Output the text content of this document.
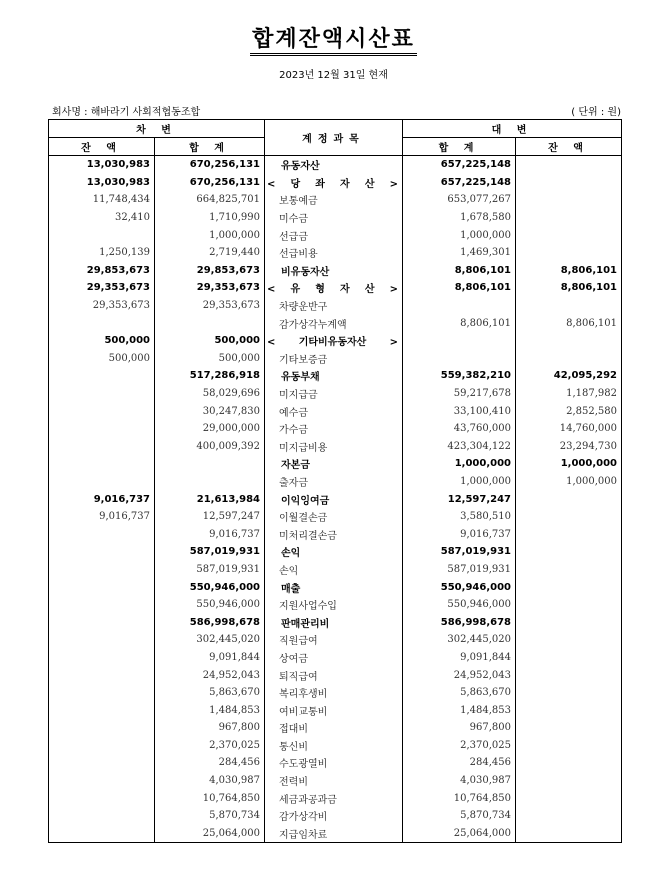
합계잔액시산표
2023년 12월 31일 현재
회사명 : 해바라기 사회적협동조합	( 단위 : 원)
차 변		계정과목	대 변	
잔 액	합 계		합 계	잔 액
13,030,983	670,256,131	유동자산	657,225,148	
13,030,983	670,256,131	< 당 좌 자 산 >	657,225,148	
11,748,434	664,825,701	보통예금	653,077,267	
32,410	1,710,990	미수금	1,678,580	
	1,000,000	선급금	1,000,000	
1,250,139	2,719,440	선급비용	1,469,301	
29,853,673	29,853,673	비유동자산	8,806,101	8,806,101
29,353,673	29,353,673	< 유 형 자 산 >	8,806,101	8,806,101
29,353,673	29,353,673	차량운반구		
		감가상각누계액	8,806,101	8,806,101
500,000	500,000	< 기타비유동자산 >		
500,000	500,000	기타보증금		
	517,286,918	유동부채	559,382,210	42,095,292
	58,029,696	미지급금	59,217,678	1,187,982
	30,247,830	예수금	33,100,410	2,852,580
	29,000,000	가수금	43,760,000	14,760,000
	400,009,392	미지급비용	423,304,122	23,294,730
		자본금	1,000,000	1,000,000
		출자금	1,000,000	1,000,000
9,016,737	21,613,984	이익잉여금	12,597,247	
9,016,737	12,597,247	이월결손금	3,580,510	
	9,016,737	미처리결손금	9,016,737	
	587,019,931	손익	587,019,931	
	587,019,931	손익	587,019,931	
	550,946,000	매출	550,946,000	
	550,946,000	지원사업수입	550,946,000	
	586,998,678	판매관리비	586,998,678	
	302,445,020	직원급여	302,445,020	
	9,091,844	상여금	9,091,844	
	24,952,043	퇴직급여	24,952,043	
	5,863,670	복리후생비	5,863,670	
	1,484,853	여비교통비	1,484,853	
	967,800	접대비	967,800	
	2,370,025	통신비	2,370,025	
	284,456	수도광열비	284,456	
	4,030,987	전력비	4,030,987	
	10,764,850	세금과공과금	10,764,850	
	5,870,734	감가상각비	5,870,734	
	25,064,000	지급임차료	25,064,000	
